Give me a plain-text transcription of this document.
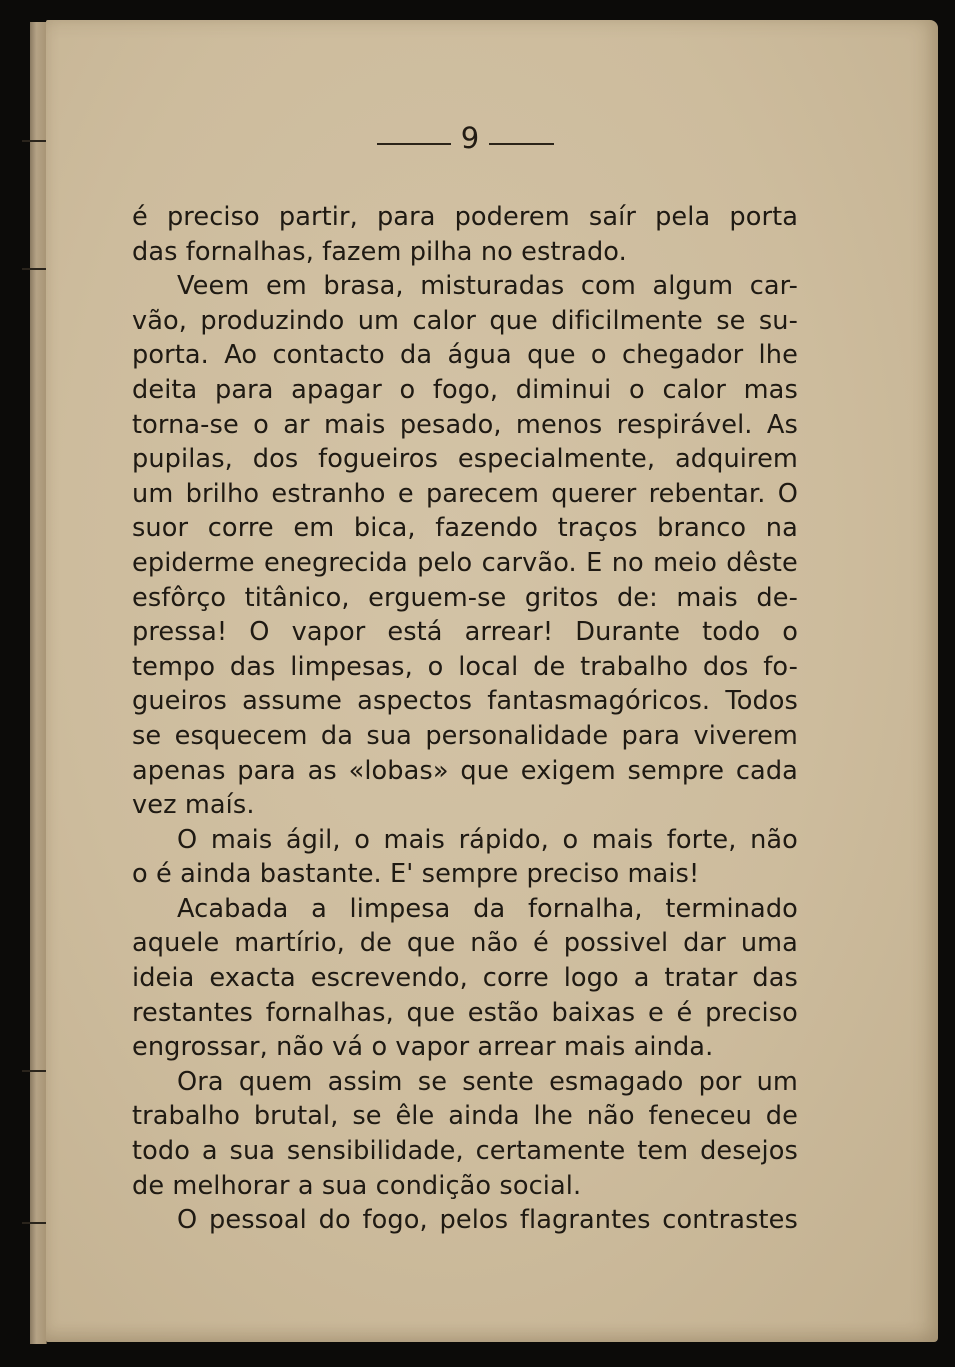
9
é preciso partir, para poderem saír pela porta
das fornalhas, fazem pilha no estrado.
Veem em brasa, misturadas com algum car-
vão, produzindo um calor que dificilmente se su-
porta. Ao contacto da água que o chegador lhe
deita para apagar o fogo, diminui o calor mas
torna-se o ar mais pesado, menos respirável. As
pupilas, dos fogueiros especialmente, adquirem
um brilho estranho e parecem querer rebentar. O
suor corre em bica, fazendo traços branco na
epiderme enegrecida pelo carvão. E no meio dêste
esfôrço titânico, erguem-se gritos de: mais de-
pressa! O vapor está arrear! Durante todo o
tempo das limpesas, o local de trabalho dos fo-
gueiros assume aspectos fantasmagóricos. Todos
se esquecem da sua personalidade para viverem
apenas para as «lobas» que exigem sempre cada
vez maís.
O mais ágil, o mais rápido, o mais forte, não
o é ainda bastante. E' sempre preciso mais!
Acabada a limpesa da fornalha, terminado
aquele martírio, de que não é possivel dar uma
ideia exacta escrevendo, corre logo a tratar das
restantes fornalhas, que estão baixas e é preciso
engrossar, não vá o vapor arrear mais ainda.
Ora quem assim se sente esmagado por um
trabalho brutal, se êle ainda lhe não feneceu de
todo a sua sensibilidade, certamente tem desejos
de melhorar a sua condição social.
O pessoal do fogo, pelos flagrantes contrastes
